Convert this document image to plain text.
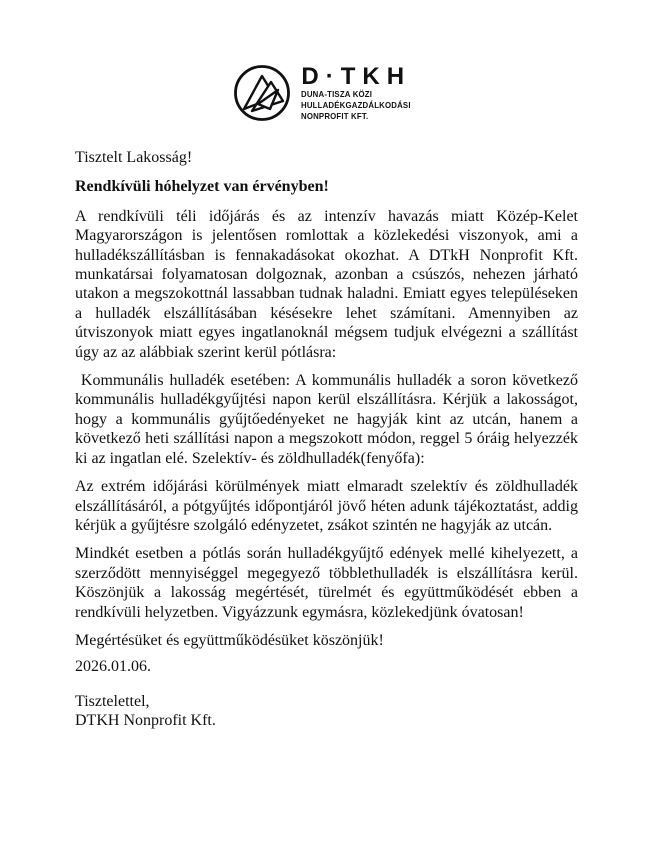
D·TKH
DUNA-TISZA KÖZI
HULLADÉKGAZDÁLKODÁSI
NONPROFIT KFT.

Tisztelt Lakosság!

Rendkívüli hóhelyzet van érvényben!

A rendkívüli téli időjárás és az intenzív havazás miatt Közép-Kelet Magyarországon is jelentősen romlottak a közlekedési viszonyok, ami a hulladékszállításban is fennakadásokat okozhat. A DTkH Nonprofit Kft. munkatársai folyamatosan dolgoznak, azonban a csúszós, nehezen járható utakon a megszokottnál lassabban tudnak haladni. Emiatt egyes településeken a hulladék elszállításában késésekre lehet számítani. Amennyiben az útviszonyok miatt egyes ingatlanoknál mégsem tudjuk elvégezni a szállítást úgy az az alábbiak szerint kerül pótlásra:

Kommunális hulladék esetében: A kommunális hulladék a soron következő kommunális hulladékgyűjtési napon kerül elszállításra. Kérjük a lakosságot, hogy a kommunális gyűjtőedényeket ne hagyják kint az utcán, hanem a következő heti szállítási napon a megszokott módon, reggel 5 óráig helyezzék ki az ingatlan elé. Szelektív- és zöldhulladék(fenyőfa):

Az extrém időjárási körülmények miatt elmaradt szelektív és zöldhulladék elszállításáról, a pótgyűjtés időpontjáról jövő héten adunk tájékoztatást, addig kérjük a gyűjtésre szolgáló edényzetet, zsákot szintén ne hagyják az utcán.

Mindkét esetben a pótlás során hulladékgyűjtő edények mellé kihelyezett, a szerződött mennyiséggel megegyező többlethulladék is elszállításra kerül. Köszönjük a lakosság megértését, türelmét és együttműködését ebben a rendkívüli helyzetben. Vigyázzunk egymásra, közlekedjünk óvatosan!

Megértésüket és együttműködésüket köszönjük!

2026.01.06.

Tisztelettel,

DTKH Nonprofit Kft.
